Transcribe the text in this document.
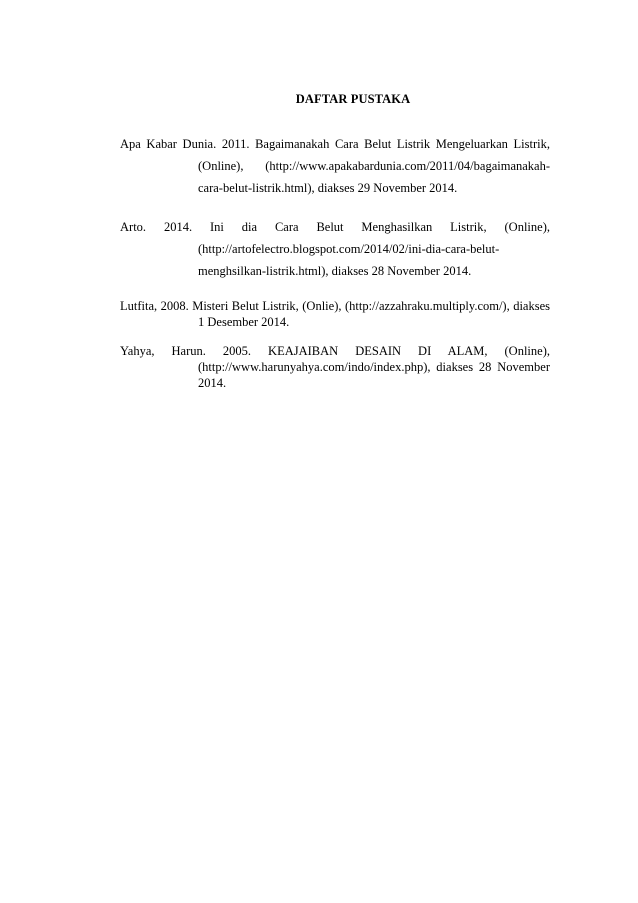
DAFTAR PUSTAKA

Apa Kabar Dunia. 2011. Bagaimanakah Cara Belut Listrik Mengeluarkan Listrik, (Online), (http://www.apakabardunia.com/2011/04/bagaimanakah-cara-belut-listrik.html), diakses 29 November 2014.

Arto. 2014. Ini dia Cara Belut Menghasilkan Listrik, (Online), (http://artofelectro.blogspot.com/2014/02/ini-dia-cara-belut-menghsilkan-listrik.html), diakses 28 November 2014.

Lutfita, 2008. Misteri Belut Listrik, (Onlie), (http://azzahraku.multiply.com/), diakses 1 Desember 2014.

Yahya, Harun. 2005. KEAJAIBAN DESAIN DI ALAM, (Online), (http://www.harunyahya.com/indo/index.php), diakses 28 November 2014.
